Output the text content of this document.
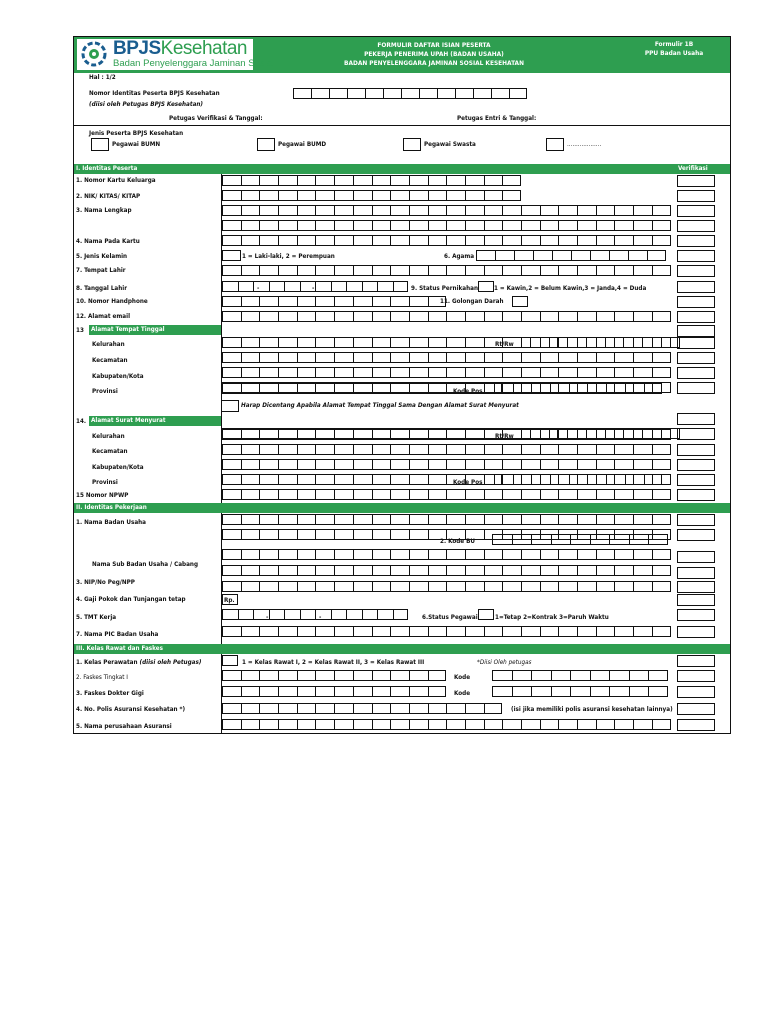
BPJSKesehatan
Badan Penyelenggara Jaminan Sosial
FORMULIR DAFTAR ISIAN PESERTA
PEKERJA PENERIMA UPAH (BADAN USAHA)
BADAN PENYELENGGARA JAMINAN SOSIAL KESEHATAN
Formulir 1B
PPU Badan Usaha
Hal : 1/2
Nomor Identitas Peserta BPJS Kesehatan
(diisi oleh Petugas BPJS Kesehatan)
Petugas Verifikasi & Tanggal:	Petugas Entri & Tanggal:
Jenis Peserta BPJS Kesehatan
Pegawai BUMN	Pegawai BUMD	Pegawai Swasta	...................
I. Identitas Peserta	Verifikasi
1. Nomor Kartu Keluarga
2. NIK/ KITAS/ KITAP
3. Nama Lengkap
4. Nama Pada Kartu
5. Jenis Kelamin	1 = Laki-laki, 2 = Perempuan	6. Agama
7. Tempat Lahir
8. Tanggal Lahir	-	-	9. Status Pernikahan	1 = Kawin,2 = Belum Kawin,3 = Janda,4 = Duda
10. Nomor Handphone	11. Golongan Darah
12. Alamat email
13 Alamat Tempat Tinggal
Kelurahan	Rt/Rw
Kecamatan
Kabupaten/Kota
Provinsi	Kode Pos
Harap Dicentang Apabila Alamat Tempat Tinggal Sama Dengan Alamat Surat Menyurat
14. Alamat Surat Menyurat
Kelurahan	Rt/Rw
Kecamatan
Kabupaten/Kota
Provinsi	Kode Pos
15 Nomor NPWP
II. Identitas Pekerjaan
1. Nama Badan Usaha
2. Kode BU
Nama Sub Badan Usaha / Cabang
3. NIP/No Peg/NPP
4. Gaji Pokok dan Tunjangan tetap	Rp.
5. TMT Kerja	-	-	6.Status Pegawai	1=Tetap 2=Kontrak 3=Paruh Waktu
7. Nama PIC Badan Usaha
III. Kelas Rawat dan Faskes
1. Kelas Perawatan (diisi oleh Petugas)	1 = Kelas Rawat I, 2 = Kelas Rawat II, 3 = Kelas Rawat III	*Diisi Oleh petugas
2. Faskes Tingkat I	Kode
3. Faskes Dokter Gigi	Kode
4. No. Polis Asuransi Kesehatan *)	(isi jika memiliki polis asuransi kesehatan lainnya)
5. Nama perusahaan Asuransi
